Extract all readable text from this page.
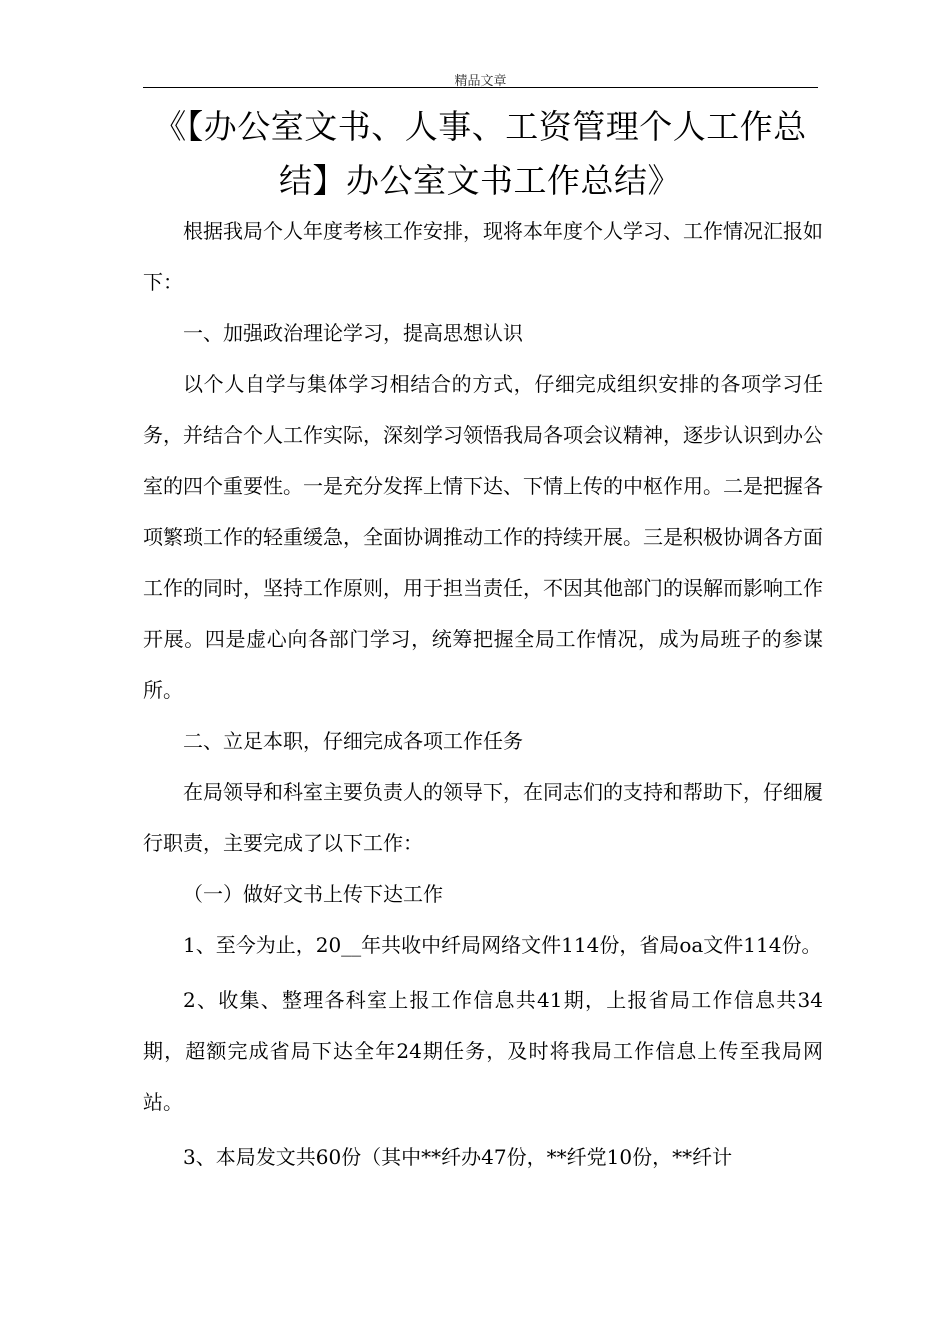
精品文章
《【办公室文书、人事、工资管理个人工作总
结】办公室文书工作总结》

根据我局个人年度考核工作安排，现将本年度个人学习、工作情况汇报如下：

一、加强政治理论学习，提高思想认识

以个人自学与集体学习相结合的方式，仔细完成组织安排的各项学习任务，并结合个人工作实际，深刻学习领悟我局各项会议精神，逐步认识到办公室的四个重要性。一是充分发挥上情下达、下情上传的中枢作用。二是把握各项繁琐工作的轻重缓急，全面协调推动工作的持续开展。三是积极协调各方面工作的同时，坚持工作原则，用于担当责任，不因其他部门的误解而影响工作开展。四是虚心向各部门学习，统筹把握全局工作情况，成为局班子的参谋所。

二、立足本职，仔细完成各项工作任务

在局领导和科室主要负责人的领导下，在同志们的支持和帮助下，仔细履行职责，主要完成了以下工作：

（一）做好文书上传下达工作

1、至今为止，20__年共收中纤局网络文件114份，省局oa文件114份。

2、收集、整理各科室上报工作信息共41期，上报省局工作信息共34期，超额完成省局下达全年24期任务，及时将我局工作信息上传至我局网站。

3、本局发文共60份（其中**纤办47份，**纤党10份，**纤计
